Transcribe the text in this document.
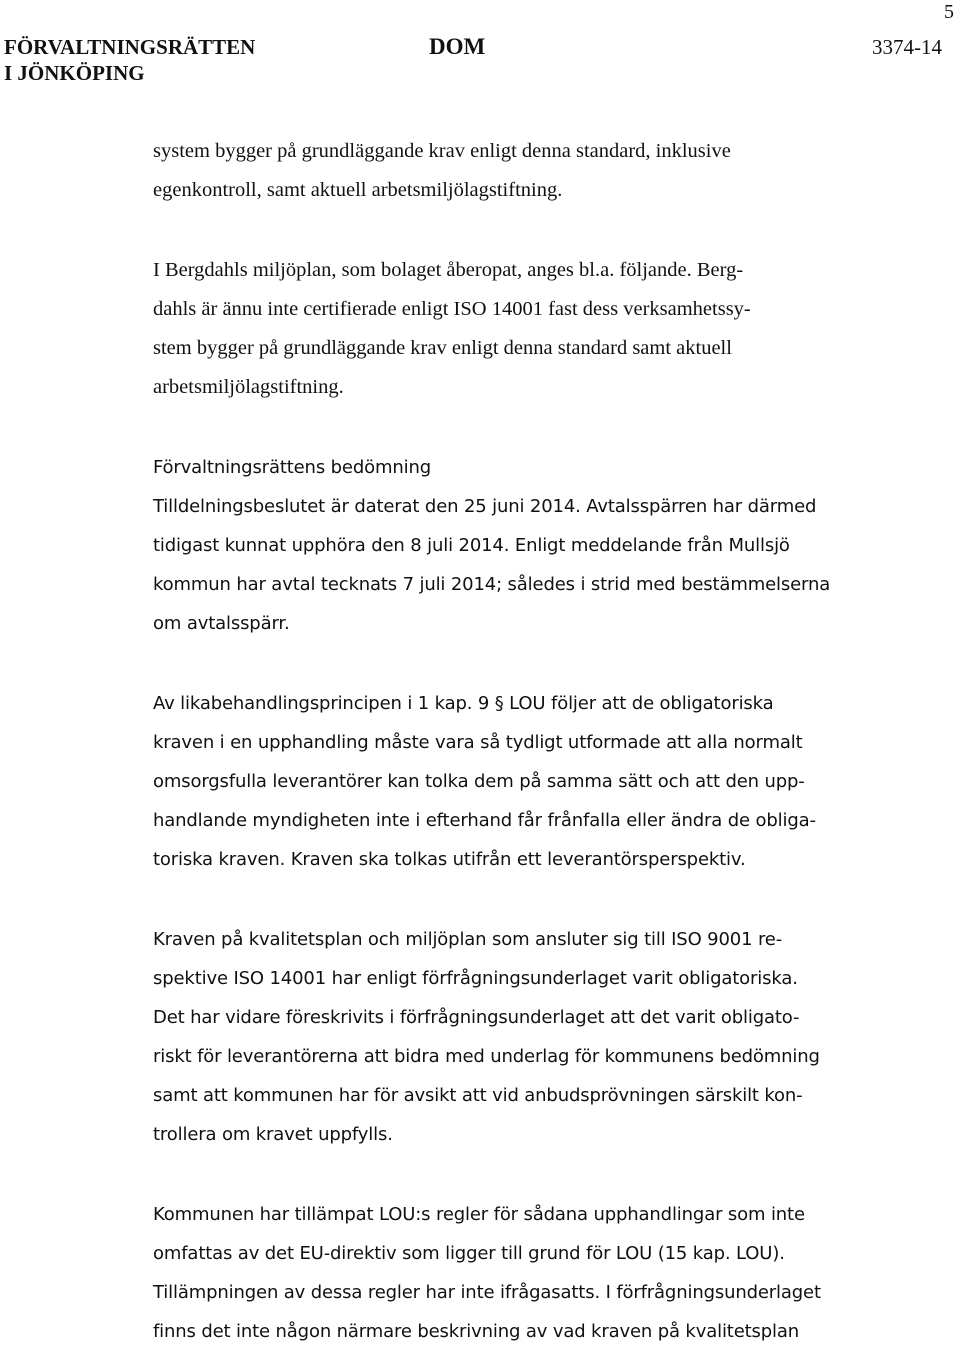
5
FÖRVALTNINGSRÄTTEN
I JÖNKÖPING
DOM	3374-14
system bygger på grundläggande krav enligt denna standard, inklusive
egenkontroll, samt aktuell arbetsmiljölagstiftning.
I Bergdahls miljöplan, som bolaget åberopat, anges bl.a. följande. Berg-
dahls är ännu inte certifierade enligt ISO 14001 fast dess verksamhetssy-
stem bygger på grundläggande krav enligt denna standard samt aktuell
arbetsmiljölagstiftning.
Förvaltningsrättens bedömning
Tilldelningsbeslutet är daterat den 25 juni 2014. Avtalsspärren har därmed
tidigast kunnat upphöra den 8 juli 2014. Enligt meddelande från Mullsjö
kommun har avtal tecknats 7 juli 2014; således i strid med bestämmelserna
om avtalsspärr.
Av likabehandlingsprincipen i 1 kap. 9 § LOU följer att de obligatoriska
kraven i en upphandling måste vara så tydligt utformade att alla normalt
omsorgsfulla leverantörer kan tolka dem på samma sätt och att den upp-
handlande myndigheten inte i efterhand får frånfalla eller ändra de obliga-
toriska kraven. Kraven ska tolkas utifrån ett leverantörsperspektiv.
Kraven på kvalitetsplan och miljöplan som ansluter sig till ISO 9001 re-
spektive ISO 14001 har enligt förfrågningsunderlaget varit obligatoriska.
Det har vidare föreskrivits i förfrågningsunderlaget att det varit obligato-
riskt för leverantörerna att bidra med underlag för kommunens bedömning
samt att kommunen har för avsikt att vid anbudsprövningen särskilt kon-
trollera om kravet uppfylls.
Kommunen har tillämpat LOU:s regler för sådana upphandlingar som inte
omfattas av det EU-direktiv som ligger till grund för LOU (15 kap. LOU).
Tillämpningen av dessa regler har inte ifrågasatts. I förfrågningsunderlaget
finns det inte någon närmare beskrivning av vad kraven på kvalitetsplan
